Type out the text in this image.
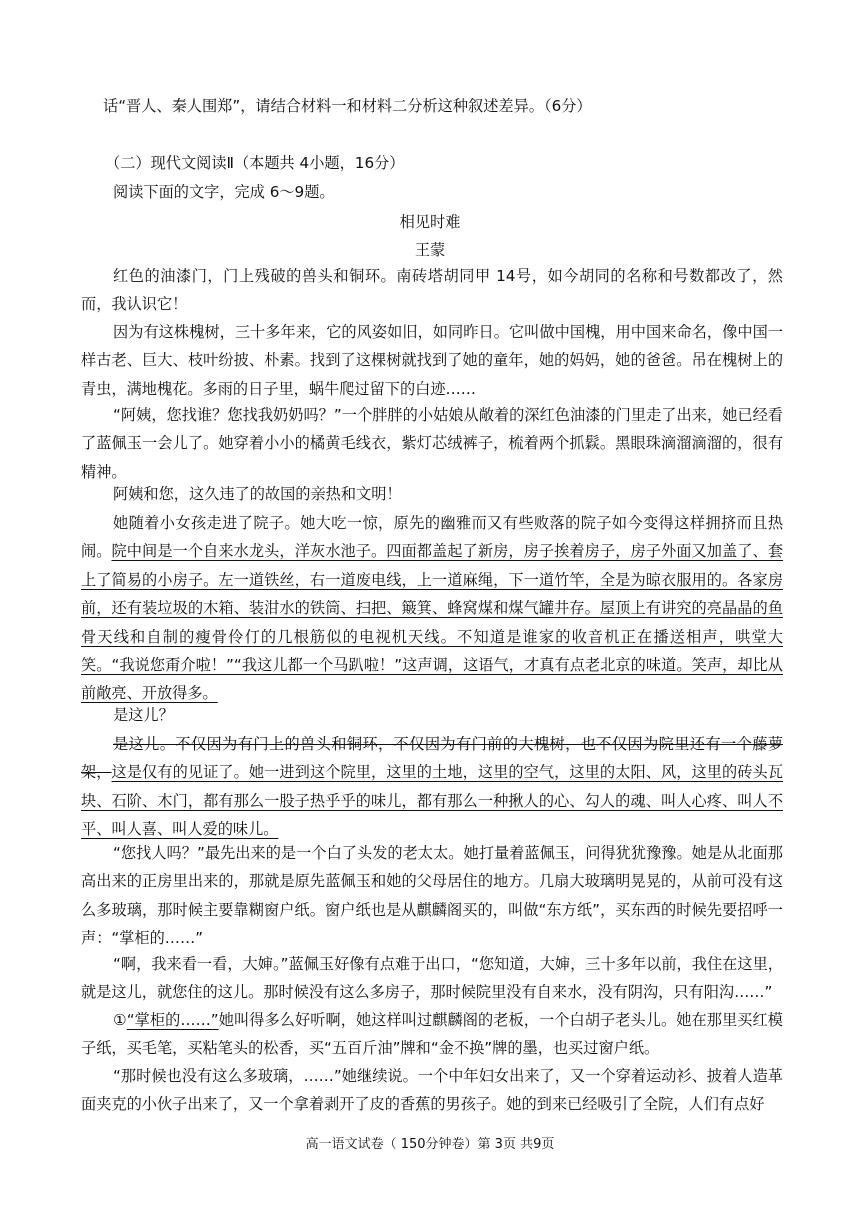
话“晋人、秦人围郑”，请结合材料一和材料二分析这种叙述差异。（6分）
（二）现代文阅读Ⅱ（本题共 4小题，16分）
阅读下面的文字，完成 6～9题。
相见时难
王蒙
红色的油漆门，门上残破的兽头和铜环。南砖塔胡同甲 14号，如今胡同的名称和号数都改了，然而，我认识它！
因为有这株槐树，三十多年来，它的风姿如旧，如同昨日。它叫做中国槐，用中国来命名，像中国一样古老、巨大、枝叶纷披、朴素。找到了这棵树就找到了她的童年，她的妈妈，她的爸爸。吊在槐树上的青虫，满地槐花。多雨的日子里，蜗牛爬过留下的白迹……
“阿姨，您找谁？您找我奶奶吗？”一个胖胖的小姑娘从敞着的深红色油漆的门里走了出来，她已经看了蓝佩玉一会儿了。她穿着小小的橘黄毛线衣，紫灯芯绒裤子，梳着两个抓鬏。黑眼珠滴溜滴溜的，很有精神。
阿姨和您，这久违了的故国的亲热和文明！
她随着小女孩走进了院子。她大吃一惊，原先的幽雅而又有些败落的院子如今变得这样拥挤而且热闹。院中间是一个自来水龙头，洋灰水池子。四面都盖起了新房，房子挨着房子，房子外面又加盖了、套上了简易的小房子。左一道铁丝，右一道废电线，上一道麻绳，下一道竹竿，全是为晾衣服用的。各家房前，还有装垃圾的木箱、装泔水的铁筒、扫把、簸箕、蜂窝煤和煤气罐井存。屋顶上有讲究的亮晶晶的鱼骨天线和自制的瘦骨伶仃的几根筋似的电视机天线。不知道是谁家的收音机正在播送相声，哄堂大笑。“我说您甭介啦！”“我这儿都一个马趴啦！”这声调，这语气，才真有点老北京的味道。笑声，却比从前敞亮、开放得多。
是这儿？
是这儿。不仅因为有门上的兽头和铜环，不仅因为有门前的大槐树，也不仅因为院里还有一个藤萝架，这是仅有的见证了。她一进到这个院里，这里的土地，这里的空气，这里的太阳、风，这里的砖头瓦块、石阶、木门，都有那么一股子热乎乎的味儿，都有那么一种揪人的心、勾人的魂、叫人心疼、叫人不平、叫人喜、叫人爱的味儿。
“您找人吗？”最先出来的是一个白了头发的老太太。她打量着蓝佩玉，问得犹犹豫豫。她是从北面那高出来的正房里出来的，那就是原先蓝佩玉和她的父母居住的地方。几扇大玻璃明晃晃的，从前可没有这么多玻璃，那时候主要靠糊窗户纸。窗户纸也是从麒麟阁买的，叫做“东方纸”，买东西的时候先要招呼一声：“掌柜的……”
“啊，我来看一看，大婶。”蓝佩玉好像有点难于出口，“您知道，大婶，三十多年以前，我住在这里，就是这儿，就您住的这儿。那时候没有这么多房子，那时候院里没有自来水，没有阴沟，只有阳沟……”
①“掌柜的……”她叫得多么好听啊，她这样叫过麒麟阁的老板，一个白胡子老头儿。她在那里买红模子纸，买毛笔，买粘笔头的松香，买“五百斤油”牌和“金不换”牌的墨，也买过窗户纸。
“那时候也没有这么多玻璃，……”她继续说。一个中年妇女出来了，又一个穿着运动衫、披着人造革面夹克的小伙子出来了，又一个拿着剥开了皮的香蕉的男孩子。她的到来已经吸引了全院，人们有点好
高一语文试卷（ 150分钟卷）第 3页 共9页
